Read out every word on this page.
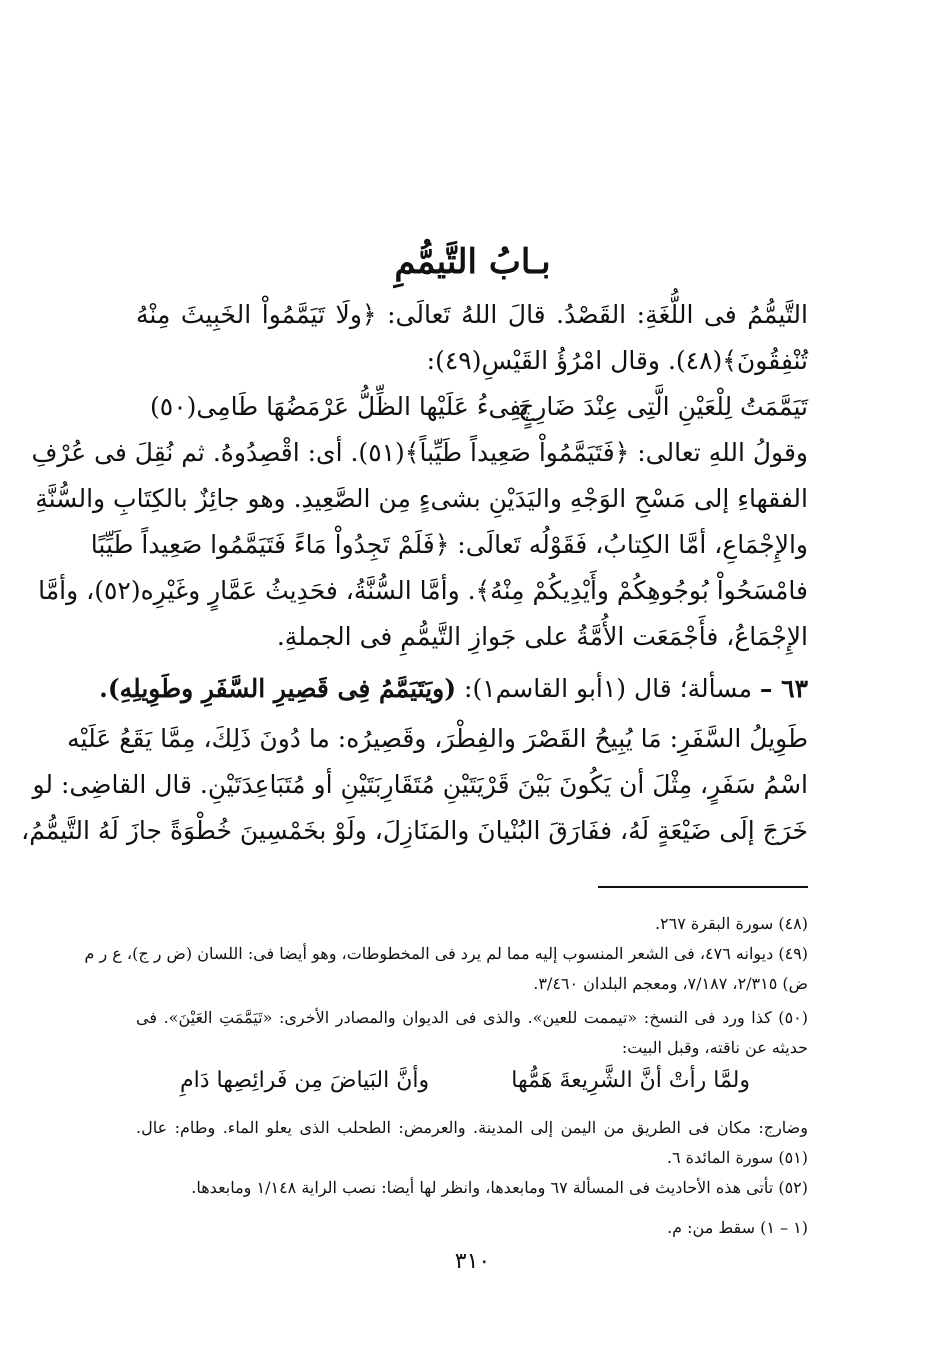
بـابُ التَّيمُّمِ
التَّيمُّمُ فى اللُّغَةِ: القَصْدُ. قالَ اللهُ تَعالَى: ﴿ولَا تَيَمَّمُواْ الخَبِيثَ مِنْهُ
تُنْفِقُونَ﴾(٤٨). وقال امْرُؤُ القَيْسِ(٤٩):
تَيَمَّمَتُ لِلْعَيْنِ الَّتِى عِنْدَ ضَارِجٍ
يَفِىءُ عَلَيْها الظِّلُّ عَرْمَضُهَا طَامِى(٥٠)
وقولُ اللهِ تعالى: ﴿فَتَيَمَّمُواْ صَعِيداً طَيِّباً﴾(٥١). أى: اقْصِدُوهُ. ثم نُقِلَ فى عُرْفِ
الفقهاءِ إلى مَسْحِ الوَجْهِ واليَدَيْنِ بشىءٍ مِن الصَّعِيدِ. وهو جائِزٌ بالكِتَابِ والسُّنَّةِ
والإِجْمَاعِ، أمَّا الكِتابُ، فَقَوْلُه تَعالَى: ﴿فَلَمْ تَجِدُواْ مَاءً فَتَيَمَّمُوا صَعِيداً طَيِّبًا
فامْسَحُواْ بُوجُوهِكُمْ وأَيْدِيكُمْ مِنْهُ﴾. وأمَّا السُّنَّةُ، فحَدِيثُ عَمَّارٍ وغَيْرِه(٥٢)، وأمَّا
الإِجْمَاعُ، فأَجْمَعَت الأُمَّةُ على جَوازِ التَّيمُّمِ فى الجملةِ.
٦٣ – مسألة؛ قال (١أبو القاسم١): (ويَتَيَمَّمُ فِى قَصِيرِ السَّفَرِ وطَوِيلِهِ).
طَوِيلُ السَّفَرِ: مَا يُبِيحُ القَصْرَ والفِطْرَ، وقَصِيرُه: ما دُونَ ذَلِكَ، مِمَّا يَقَعُ عَلَيْه
اسْمُ سَفَرٍ، مِثْلَ أن يَكُونَ بَيْنَ قَرْيَتَيْنِ مُتَقَارِبَتَيْنِ أو مُتَبَاعِدَتَيْنِ. قال القاضِى: لو
خَرَجَ إلَى ضَيْعَةٍ لَهُ، ففَارَقَ البُنْيانَ والمَنَازِلَ، ولَوْ بخَمْسِينَ خُطْوَةً جازَ لَهُ التَّيمُّمُ،
(٤٨) سورة البقرة ٢٦٧.
(٤٩) ديوانه ٤٧٦، فى الشعر المنسوب إليه مما لم يرد فى المخطوطات، وهو أيضا فى: اللسان (ض ر ج)، ع ر م
ض) ٢/٣١٥، ٧/١٨٧، ومعجم البلدان ٣/٤٦٠.
(٥٠) كذا ورد فى النسخ: «تيممت للعين». والذى فى الديوان والمصادر الأخرى: «تَيَمَّمَتِ العَيْنَ». فى
حديثه عن ناقته، وقبل البيت:
ولمَّا رأتْ أنَّ الشَّرِيعةَ هَمُّها
وأنَّ البَياضَ مِن فَرائِصِها دَامِ
وضارج: مكان فى الطريق من اليمن إلى المدينة. والعرمض: الطحلب الذى يعلو الماء. وطام: عال.
(٥١) سورة المائدة ٦.
(٥٢) تأتى هذه الأحاديث فى المسألة ٦٧ ومابعدها، وانظر لها أيضا: نصب الراية ١/١٤٨ ومابعدها.
(١ – ١) سقط من: م.
٣١٠
